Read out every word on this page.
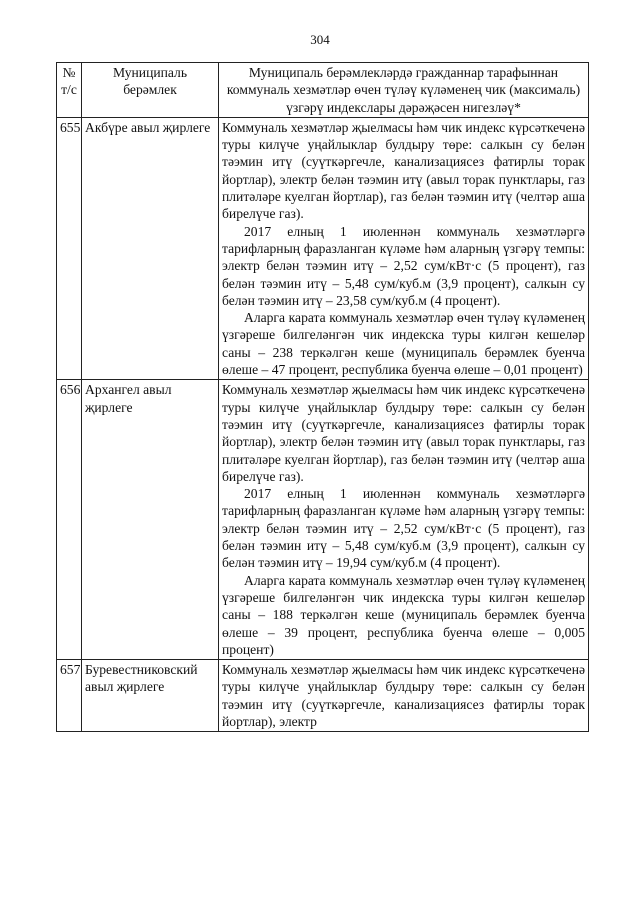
304
№ т/с	Муниципаль берәмлек	Муниципаль берәмлекләрдә гражданнар тарафыннан коммуналь хезмәтләр өчен түләү күләменең чик (максималь) үзгәрү индекслары дәрәҗәсен нигезләү*
655	Акбүре авыл җирлеге	Коммуналь хезмәтләр җыелмасы һәм чик индекс күрсәткеченә туры килүче уңайлыклар булдыру төре: салкын су белән тәэмин итү (суүткәргечле, канализациясез фатирлы торак йортлар), электр белән тәэмин итү (авыл торак пунктлары, газ плитәләре куелган йортлар), газ белән тәэмин итү (челтәр аша бирелүче газ).

2017 елның 1 июленнән коммуналь хезмәтләргә тарифларның фаразланган күләме һәм аларның үзгәрү темпы: электр белән тәэмин итү – 2,52 сум/кВт·с (5 процент), газ белән тәэмин итү – 5,48 сум/куб.м (3,9 процент), салкын су белән тәэмин итү – 23,58 сум/куб.м (4 процент).

Аларга карата коммуналь хезмәтләр өчен түләү күләменең үзгәреше билгеләнгән чик индекска туры килгән кешеләр саны – 238 теркәлгән кеше (муниципаль берәмлек буенча өлеше – 47 процент, республика буенча өлеше – 0,01 процент)

656	Архангел авыл җирлеге	Коммуналь хезмәтләр җыелмасы һәм чик индекс күрсәткеченә туры килүче уңайлыклар булдыру төре: салкын су белән тәэмин итү (суүткәргечле, канализациясез фатирлы торак йортлар), электр белән тәэмин итү (авыл торак пунктлары, газ плитәләре куелган йортлар), газ белән тәэмин итү (челтәр аша бирелүче газ).

2017 елның 1 июленнән коммуналь хезмәтләргә тарифларның фаразланган күләме һәм аларның үзгәрү темпы: электр белән тәэмин итү – 2,52 сум/кВт·с (5 процент), газ белән тәэмин итү – 5,48 сум/куб.м (3,9 процент), салкын су белән тәэмин итү – 19,94 сум/куб.м (4 процент).

Аларга карата коммуналь хезмәтләр өчен түләү күләменең үзгәреше билгеләнгән чик индекска туры килгән кешеләр саны – 188 теркәлгән кеше (муниципаль берәмлек буенча өлеше – 39 процент, республика буенча өлеше – 0,005 процент)

657	Буревестниковский авыл җирлеге	Коммуналь хезмәтләр җыелмасы һәм чик индекс күрсәткеченә туры килүче уңайлыклар булдыру төре: салкын су белән тәэмин итү (суүткәргечле, канализациясез фатирлы торак йортлар), электр
